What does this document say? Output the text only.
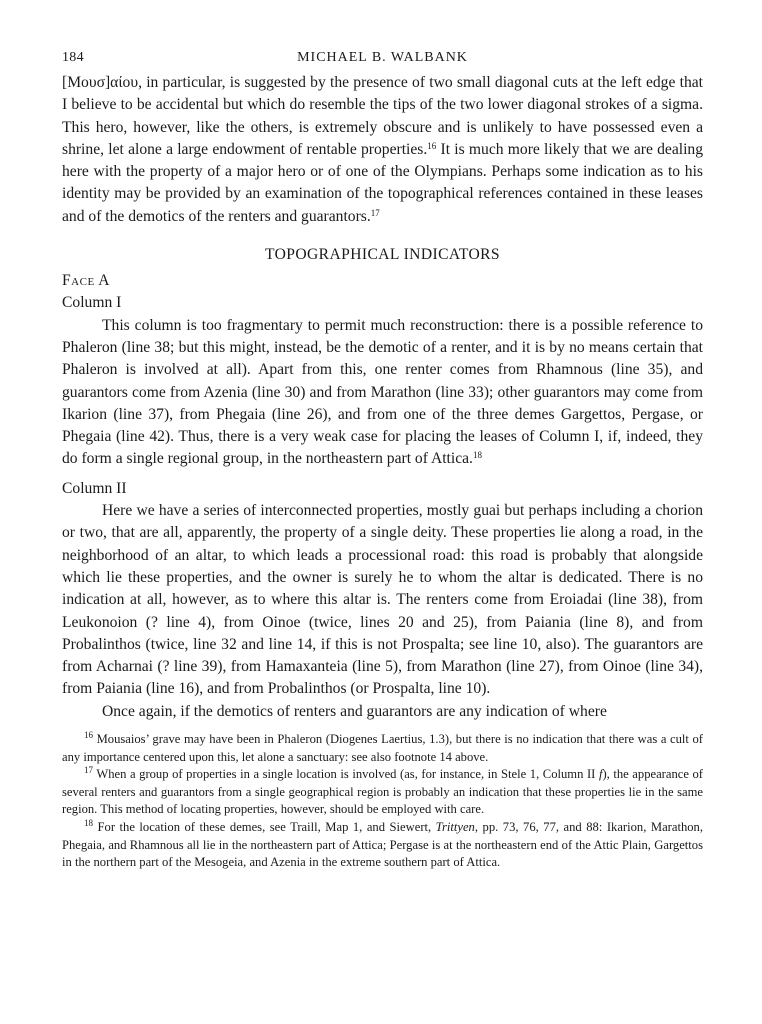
184	MICHAEL B. WALBANK

[Μουσ]αίου, in particular, is suggested by the presence of two small diagonal cuts at the left edge that I believe to be accidental but which do resemble the tips of the two lower diagonal strokes of a sigma. This hero, however, like the others, is extremely obscure and is unlikely to have possessed even a shrine, let alone a large endowment of rentable properties.$^{16}$ It is much more likely that we are dealing here with the property of a major hero or of one of the Olympians. Perhaps some indication as to his identity may be provided by an examination of the topographical references contained in these leases and of the demotics of the renters and guarantors.$^{17}$

TOPOGRAPHICAL INDICATORS
Face A
Column I

This column is too fragmentary to permit much reconstruction: there is a possible reference to Phaleron (line 38; but this might, instead, be the demotic of a renter, and it is by no means certain that Phaleron is involved at all). Apart from this, one renter comes from Rhamnous (line 35), and guarantors come from Azenia (line 30) and from Marathon (line 33); other guarantors may come from Ikarion (line 37), from Phegaia (line 26), and from one of the three demes Gargettos, Pergase, or Phegaia (line 42). Thus, there is a very weak case for placing the leases of Column I, if, indeed, they do form a single regional group, in the northeastern part of Attica.$^{18}$

Column II

Here we have a series of interconnected properties, mostly guai but perhaps including a chorion or two, that are all, apparently, the property of a single deity. These properties lie along a road, in the neighborhood of an altar, to which leads a processional road: this road is probably that alongside which lie these properties, and the owner is surely he to whom the altar is dedicated. There is no indication at all, however, as to where this altar is. The renters come from Eroiadai (line 38), from Leukonoion (? line 4), from Oinoe (twice, lines 20 and 25), from Paiania (line 8), and from Probalinthos (twice, line 32 and line 14, if this is not Prospalta; see line 10, also). The guarantors are from Acharnai (? line 39), from Hamaxanteia (line 5), from Marathon (line 27), from Oinoe (line 34), from Paiania (line 16), and from Probalinthos (or Prospalta, line 10).

Once again, if the demotics of renters and guarantors are any indication of where

$^{16}$ Mousaios’ grave may have been in Phaleron (Diogenes Laertius, 1.3), but there is no indication that there was a cult of any importance centered upon this, let alone a sanctuary: see also footnote 14 above.

$^{17}$ When a group of properties in a single location is involved (as, for instance, in Stele 1, Column II f), the appearance of several renters and guarantors from a single geographical region is probably an indication that these properties lie in the same region. This method of locating properties, however, should be employed with care.

$^{18}$ For the location of these demes, see Traill, Map 1, and Siewert, Trittyen, pp. 73, 76, 77, and 88: Ikarion, Marathon, Phegaia, and Rhamnous all lie in the northeastern part of Attica; Pergase is at the northeastern end of the Attic Plain, Gargettos in the northern part of the Mesogeia, and Azenia in the extreme southern part of Attica.
